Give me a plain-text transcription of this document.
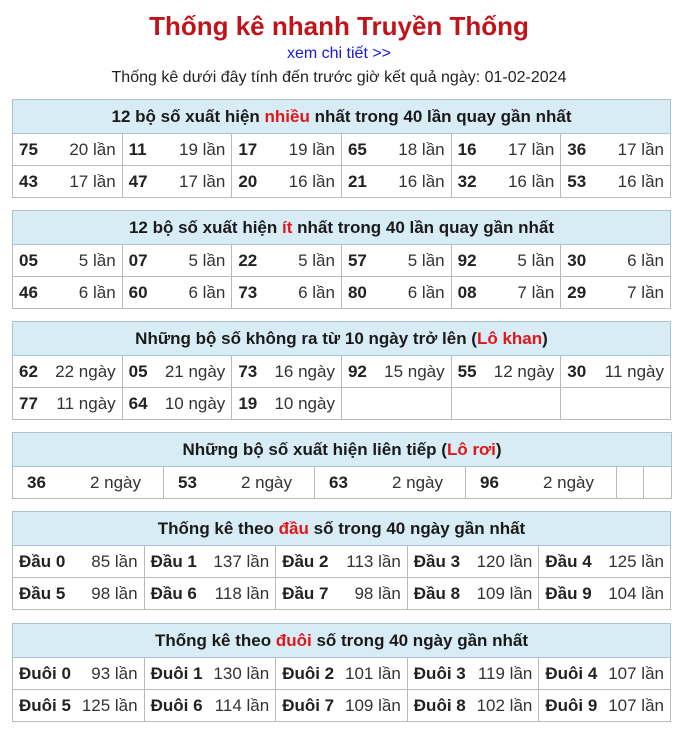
Thống kê nhanh Truyền Thống
xem chi tiết >>
Thống kê dưới đây tính đến trước giờ kết quả ngày: 01-02-2024
12 bộ số xuất hiện nhiều nhất trong 40 lần quay gần nhất					

75 20 lần	11 19 lần	17 19 lần	65 18 lần	16 17 lần	36 17 lần

43 17 lần	47 17 lần	20 16 lần	21 16 lần	32 16 lần	53 16 lần
12 bộ số xuất hiện ít nhất trong 40 lần quay gần nhất					

05 5 lần	07 5 lần	22 5 lần	57 5 lần	92 5 lần	30 6 lần

46 6 lần	60 6 lần	73 6 lần	80 6 lần	08 7 lần	29 7 lần
Những bộ số không ra từ 10 ngày trở lên (Lô khan)					

62 22 ngày	05 21 ngày	73 16 ngày	92 15 ngày	55 12 ngày	30 11 ngày

77 11 ngày	64 10 ngày	19 10 ngày			

Những bộ số xuất hiện liên tiếp (Lô rơi)

36	2 ngày	53	2 ngày	63	2 ngày	96	2 ngày

Thống kê theo đầu số trong 40 ngày gần nhất				

Đầu 0 85 lần	Đầu 1 137 lần	Đầu 2 113 lần	Đầu 3 120 lần	Đầu 4 125 lần

Đầu 5 98 lần	Đầu 6 118 lần	Đầu 7 98 lần	Đầu 8 109 lần	Đầu 9 104 lần
Thống kê theo đuôi số trong 40 ngày gần nhất				

Đuôi 0 93 lần	Đuôi 1 130 lần	Đuôi 2 101 lần	Đuôi 3 119 lần	Đuôi 4 107 lần

Đuôi 5 125 lần	Đuôi 6 114 lần	Đuôi 7 109 lần	Đuôi 8 102 lần	Đuôi 9 107 lần
